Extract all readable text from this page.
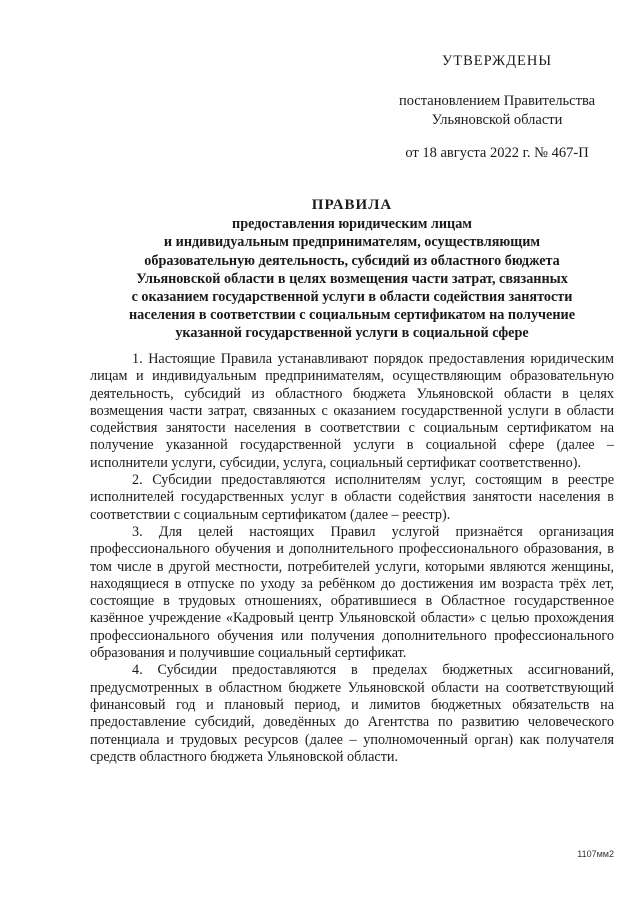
УТВЕРЖДЕНЫ
постановлением Правительства
Ульяновской области
от 18 августа 2022 г. № 467-П
ПРАВИЛА
предоставления юридическим лицам
и индивидуальным предпринимателям, осуществляющим
образовательную деятельность, субсидий из областного бюджета
Ульяновской области в целях возмещения части затрат, связанных
с оказанием государственной услуги в области содействия занятости
населения в соответствии с социальным сертификатом на получение
указанной государственной услуги в социальной сфере

1. Настоящие Правила устанавливают порядок предоставления юридическим лицам и индивидуальным предпринимателям, осуществляющим образовательную деятельность, субсидий из областного бюджета Ульяновской области в целях возмещения части затрат, связанных с оказанием государственной услуги в области содействия занятости населения в соответствии с социальным сертификатом на получение указанной государственной услуги в социальной сфере (далее – исполнители услуги, субсидии, услуга, социальный сертификат соответственно).

2. Субсидии предоставляются исполнителям услуг, состоящим в реестре исполнителей государственных услуг в области содействия занятости населения в соответствии с социальным сертификатом (далее – реестр).

3. Для целей настоящих Правил услугой признаётся организация профессионального обучения и дополнительного профессионального образования, в том числе в другой местности, потребителей услуги, которыми являются женщины, находящиеся в отпуске по уходу за ребёнком до достижения им возраста трёх лет, состоящие в трудовых отношениях, обратившиеся в Областное государственное казённое учреждение «Кадровый центр Ульяновской области» с целью прохождения профессионального обучения или получения дополнительного профессионального образования и получившие социальный сертификат.

4. Субсидии предоставляются в пределах бюджетных ассигнований, предусмотренных в областном бюджете Ульяновской области на соответствующий финансовый год и плановый период, и лимитов бюджетных обязательств на предоставление субсидий, доведённых до Агентства по развитию человеческого потенциала и трудовых ресурсов (далее – уполномоченный орган) как получателя средств областного бюджета Ульяновской области.

1107мм2
